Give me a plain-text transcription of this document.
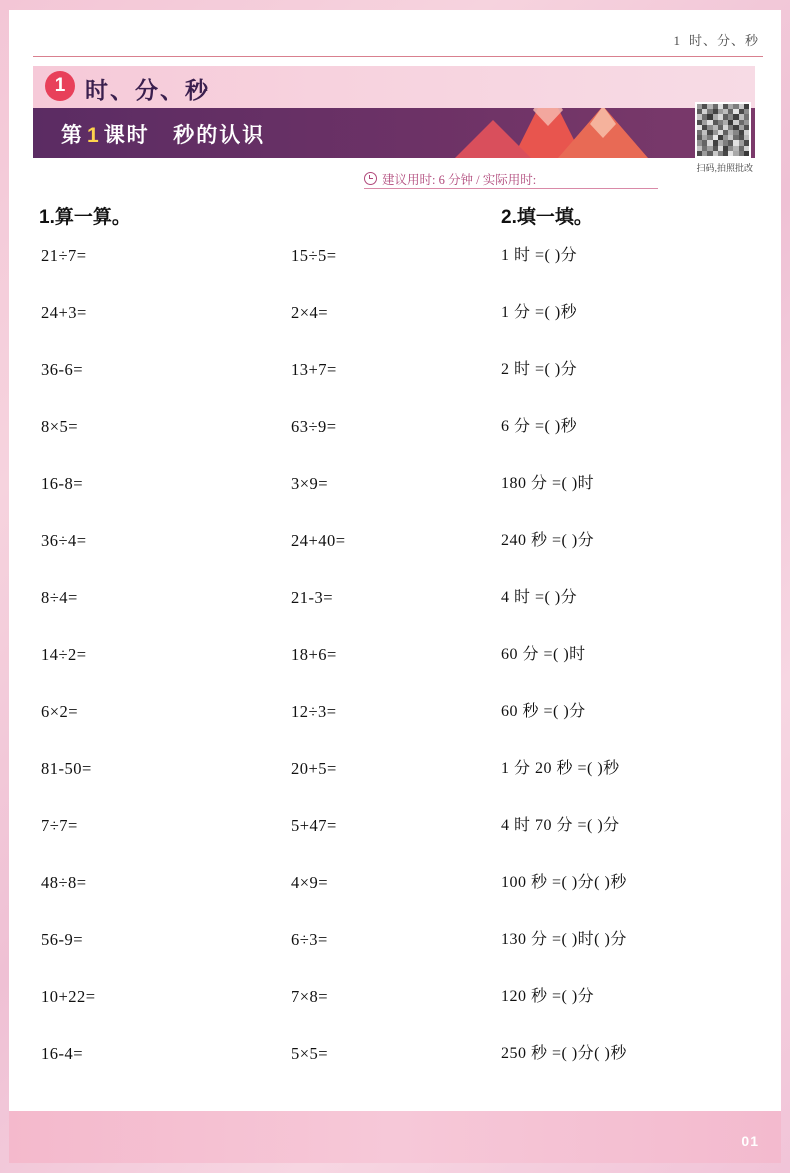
1 时、分、秒
1 时、分、秒
第 1 课时 秒的认识
扫码,拍照批改
建议用时: 6 分钟 / 实际用时:
1.算一算。	2.填一填。
21÷7=
24+3=
36-6=
8×5=
16-8=
36÷4=
8÷4=
14÷2=
6×2=
81-50=
7÷7=
48÷8=
56-9=
10+22=
16-4=
15÷5=
2×4=
13+7=
63÷9=
3×9=
24+40=
21-3=
18+6=
12÷3=
20+5=
5+47=
4×9=
6÷3=
7×8=
5×5=
1 时 =( )分
1 分 =( )秒
2 时 =( )分
6 分 =( )秒
180 分 =( )时
240 秒 =( )分
4 时 =( )分
60 分 =( )时
60 秒 =( )分
1 分 20 秒 =( )秒
4 时 70 分 =( )分
100 秒 =( )分( )秒
130 分 =( )时( )分
120 秒 =( )分
250 秒 =( )分( )秒
01
